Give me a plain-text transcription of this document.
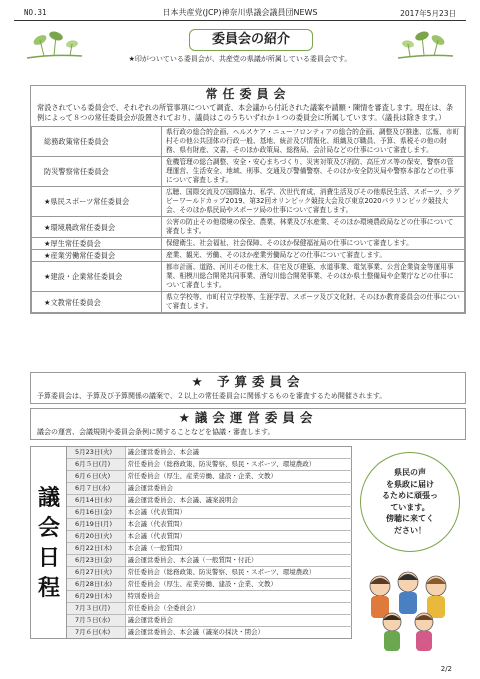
NO.31	日本共産党(JCP)神奈川県議会議員団NEWS	2017年5月23日
委員会の紹介
★印がついている委員会が、共産党の県議が所属している委員会です。
常任委員会
常設されている委員会で、それぞれの所管事項について調査、本会議から付託された議案や請願・陳情を審査します。現在は、条例によって８つの常任委員会が設置されており、議員はこのうちいずれか１つの委員会に所属しています。（議長は除きます。）
総務政策常任委員会	県行政の総合的企画、ヘルスケア・ニューフロンティアの総合的企画、調整及び推進、広報、市町村その他公共団体の行政一般、基地、統計及び情報化、組織及び職員、予算、県税その他の財務、県有財産、文書、そのほか政策局、総務局、会計局などの仕事について審査します。
防災警察常任委員会	危機管理の総合調整、安全・安心まちづくり、災害対策及び消防、高圧ガス等の保安、警察の管理運営、生活安全、地域、刑事、交通及び警備警察、そのほか安全防災局や警察本部などの仕事について審査します。
★県民スポーツ常任委員会	広聴、国際交流及び国際協力、私学、次世代育成、消費生活及びその他県民生活、スポーツ、ラグビーワールドカップ2019、第32回オリンピック競技大会及び東京2020パラリンピック競技大会、そのほか県民局やスポーツ局の仕事について審査します。
★環境農政常任委員会	公害の防止その他環境の保全、農業、林業及び水産業、そのほか環境農政局などの仕事について審査します。
★厚生常任委員会	保健衛生、社会福祉、社会保障、そのほか保健福祉局の仕事について審査します。
★産業労働常任委員会	産業、観光、労働、そのほか産業労働局などの仕事について審査します。
★建設・企業常任委員会	都市計画、道路、河川その他土木、住宅及び建築、水道事業、電気事業、公営企業資金等運用事業、相模川総合開発共同事業、酒匂川総合開発事業、そのほか県土整備局や企業庁などの仕事について審査します。
★文教常任委員会	県立学校等、市町村立学校等、生涯学習、スポーツ及び文化財、そのほか教育委員会の仕事について審査します。
★ 予算委員会
予算委員会は、予算及び予算関係の議案で、２以上の常任委員会に関係するものを審査するため開催されます。
★議会運営委員会
議会の運営、会議規則や委員会条例に関することなどを協議・審査します。
議
会
日
程
5月23日(火)	議会運営委員会、本会議
6月５日(月)	常任委員会（総務政策、防災警察、県民・スポーツ、環境農政）
6月６日(火)	常任委員会（厚生、産業労働、建設・企業、文教）
6月７日(水)	議会運営委員会
6月14日(水)	議会運営委員会、本会議、議案説明会
6月16日(金)	本会議（代表質問）
6月19日(月)	本会議（代表質問）
6月20日(火)	本会議（代表質問）
6月22日(木)	本会議（一般質問）
6月23日(金)	議会運営委員会、本会議（一般質問・付託）
6月27日(火)	常任委員会（総務政策、防災警察、県民・スポーツ、環境農政）
6月28日(水)	常任委員会（厚生、産業労働、建設・企業、文教）
6月29日(木)	特別委員会
7月３日(月)	常任委員会（全委員会）
7月５日(水)	議会運営委員会
7月６日(木)	議会運営委員会、本会議（議案の採決・閉会）
県民の声
を県政に届け
るために頑張っ
ています。
傍聴に来てく
ださい！
2/2
